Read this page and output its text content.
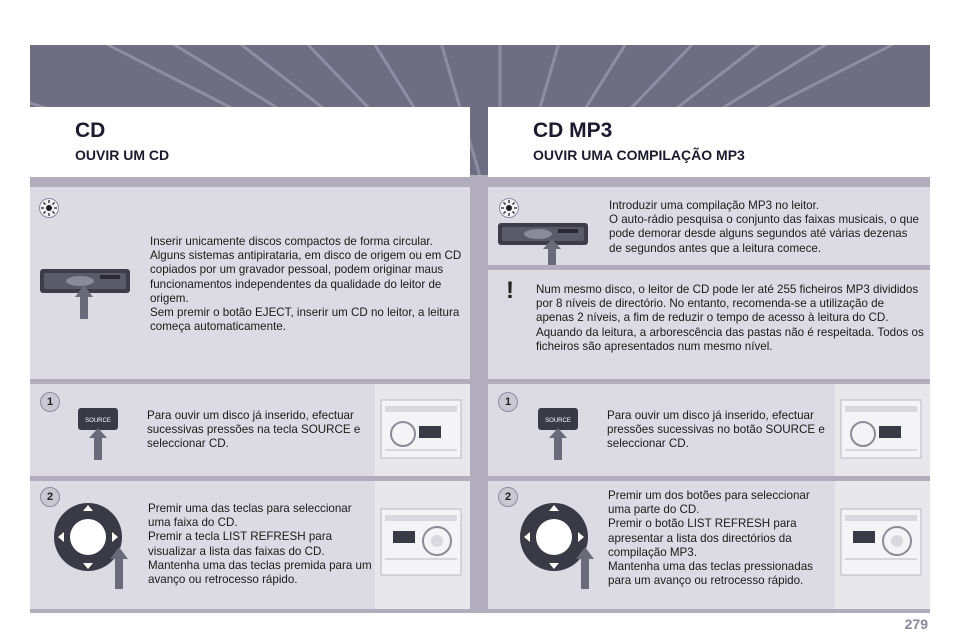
CD
OUVIR UM CD
CD MP3
OUVIR UMA COMPILAÇÃO MP3
Inserir unicamente discos compactos de forma circular.
Alguns sistemas antipirataria, em disco de origem ou em CD copiados por um gravador pessoal, podem originar maus funcionamentos independentes da qualidade do leitor de origem.
Sem premir o botão EJECT, inserir um CD no leitor, a leitura começa automaticamente.
1
SOURCE	Para ouvir um disco já inserido, efectuar sucessivas pressões na tecla SOURCE e seleccionar CD.
2
Premir uma das teclas para seleccionar uma faixa do CD.
Premir a tecla LIST REFRESH para visualizar a lista das faixas do CD.
Mantenha uma das teclas premida para um avanço ou retrocesso rápido.
Introduzir uma compilação MP3 no leitor.
O auto-rádio pesquisa o conjunto das faixas musicais, o que pode demorar desde alguns segundos até várias dezenas de segundos antes que a leitura comece.
!	Num mesmo disco, o leitor de CD pode ler até 255 ficheiros MP3 divididos por 8 níveis de directório. No entanto, recomenda-se a utilização de apenas 2 níveis, a fim de reduzir o tempo de acesso à leitura do CD.
Aquando da leitura, a arborescência das pastas não é respeitada. Todos os ficheiros são apresentados num mesmo nível.
1
SOURCE	Para ouvir um disco já inserido, efectuar pressões sucessivas no botão SOURCE e seleccionar CD.
2	Premir um dos botões para seleccionar uma parte do CD.
Premir o botão LIST REFRESH para apresentar a lista dos directórios da compilação MP3.
Mantenha uma das teclas pressionadas para um avanço ou retrocesso rápido.
279
